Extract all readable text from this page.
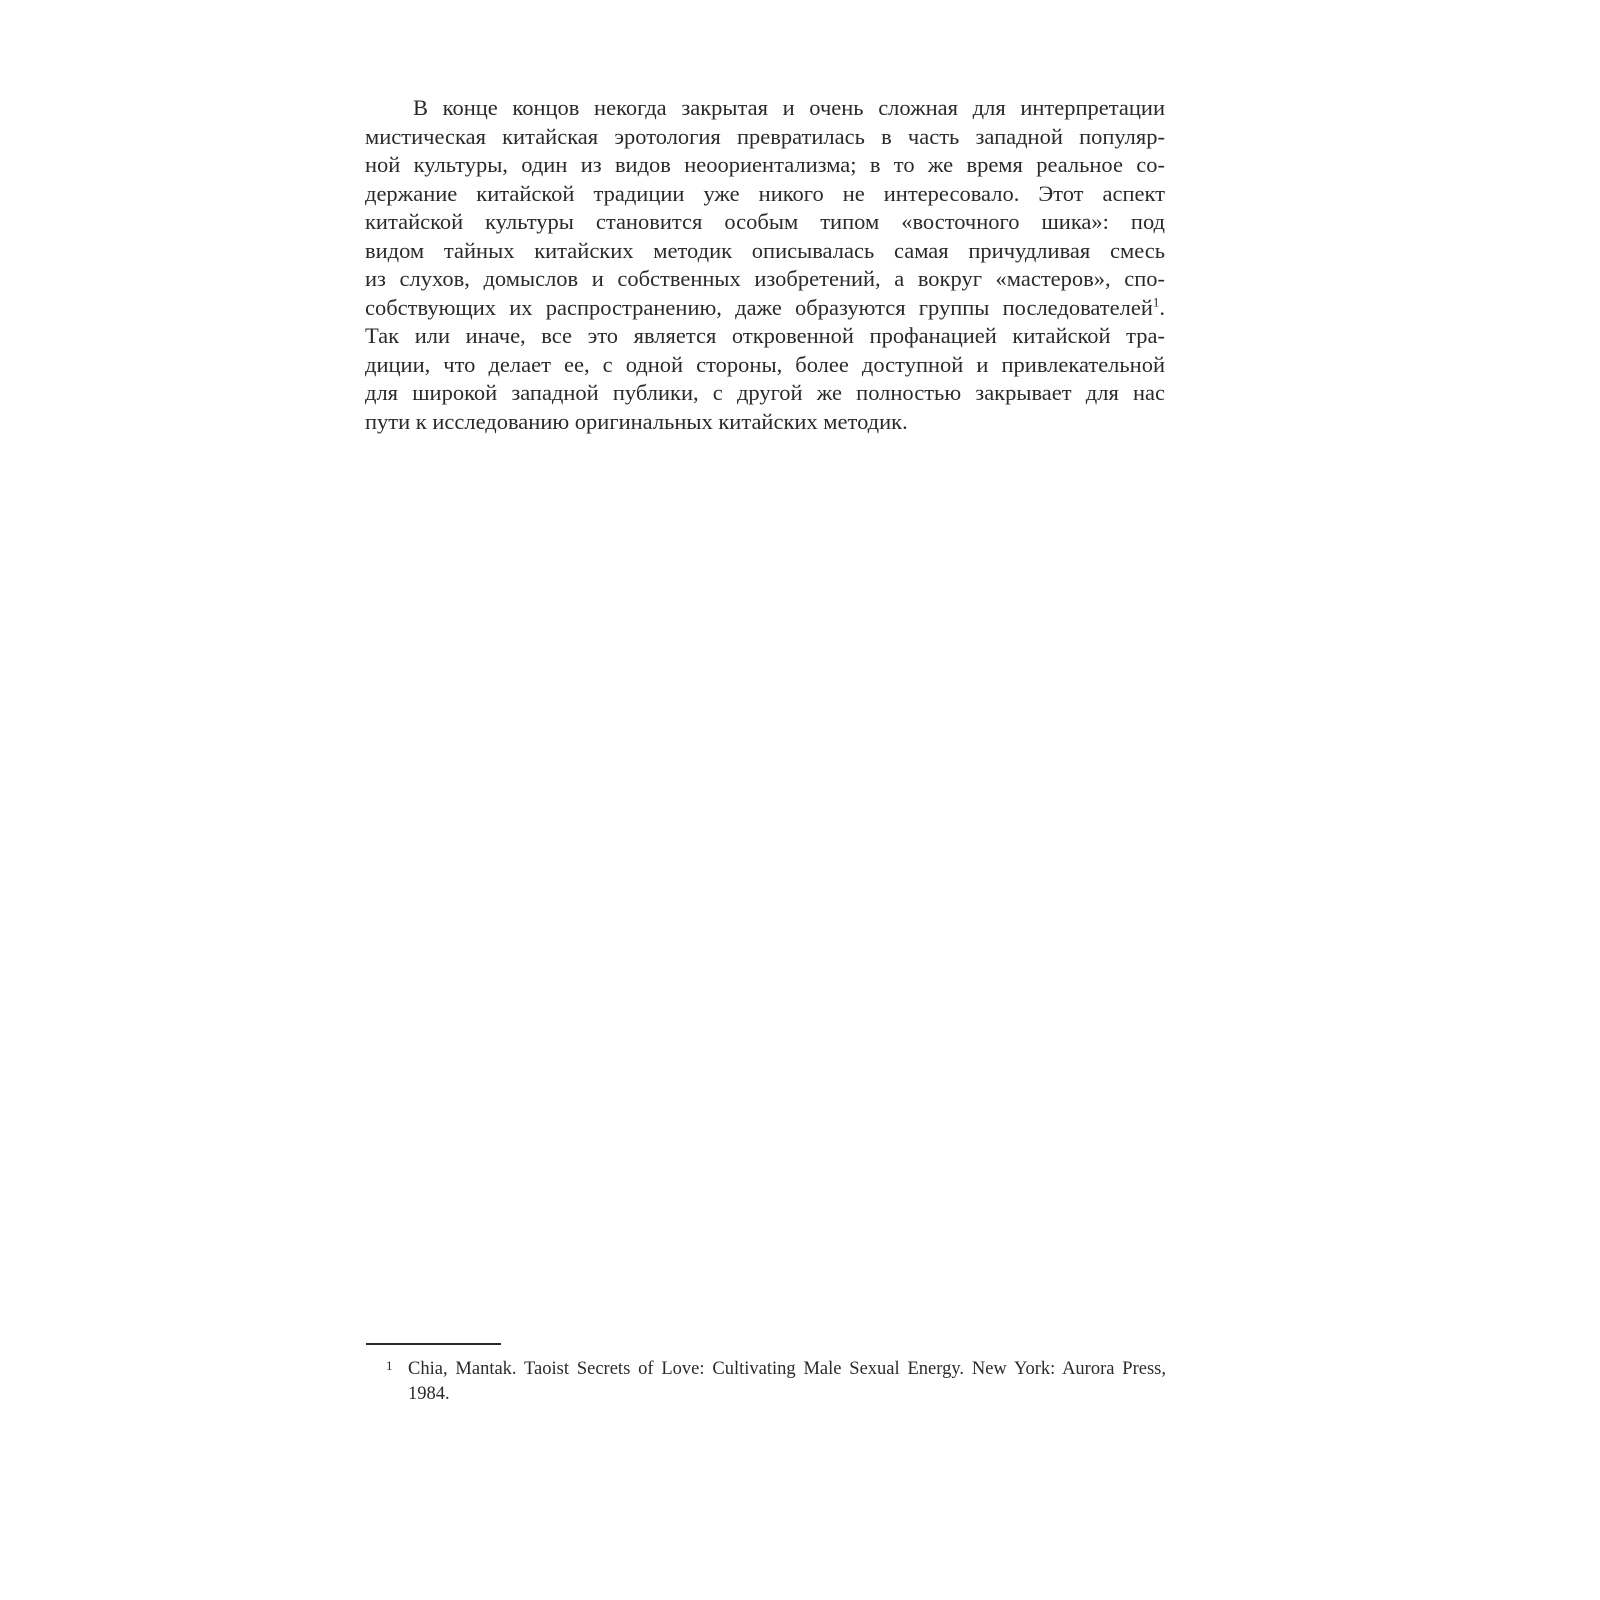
В конце концов некогда закрытая и очень сложная для интерпретации
мистическая китайская эротология превратилась в часть западной популяр-
ной культуры, один из видов неоориентализма; в то же время реальное со-
держание китайской традиции уже никого не интересовало. Этот аспект
китайской культуры становится особым типом «восточного шика»: под
видом тайных китайских методик описывалась самая причудливая смесь
из слухов, домыслов и собственных изобретений, а вокруг «мастеров», спо-
собствующих их распространению, даже образуются группы последователей$^1$.
Так или иначе, все это является откровенной профанацией китайской тра-
диции, что делает ее, с одной стороны, более доступной и привлекательной
для широкой западной публики, с другой же полностью закрывает для нас
пути к исследованию оригинальных китайских методик.
1 Chia, Mantak. Taoist Secrets of Love: Cultivating Male Sexual Energy. New York: Aurora Press,
1984.
